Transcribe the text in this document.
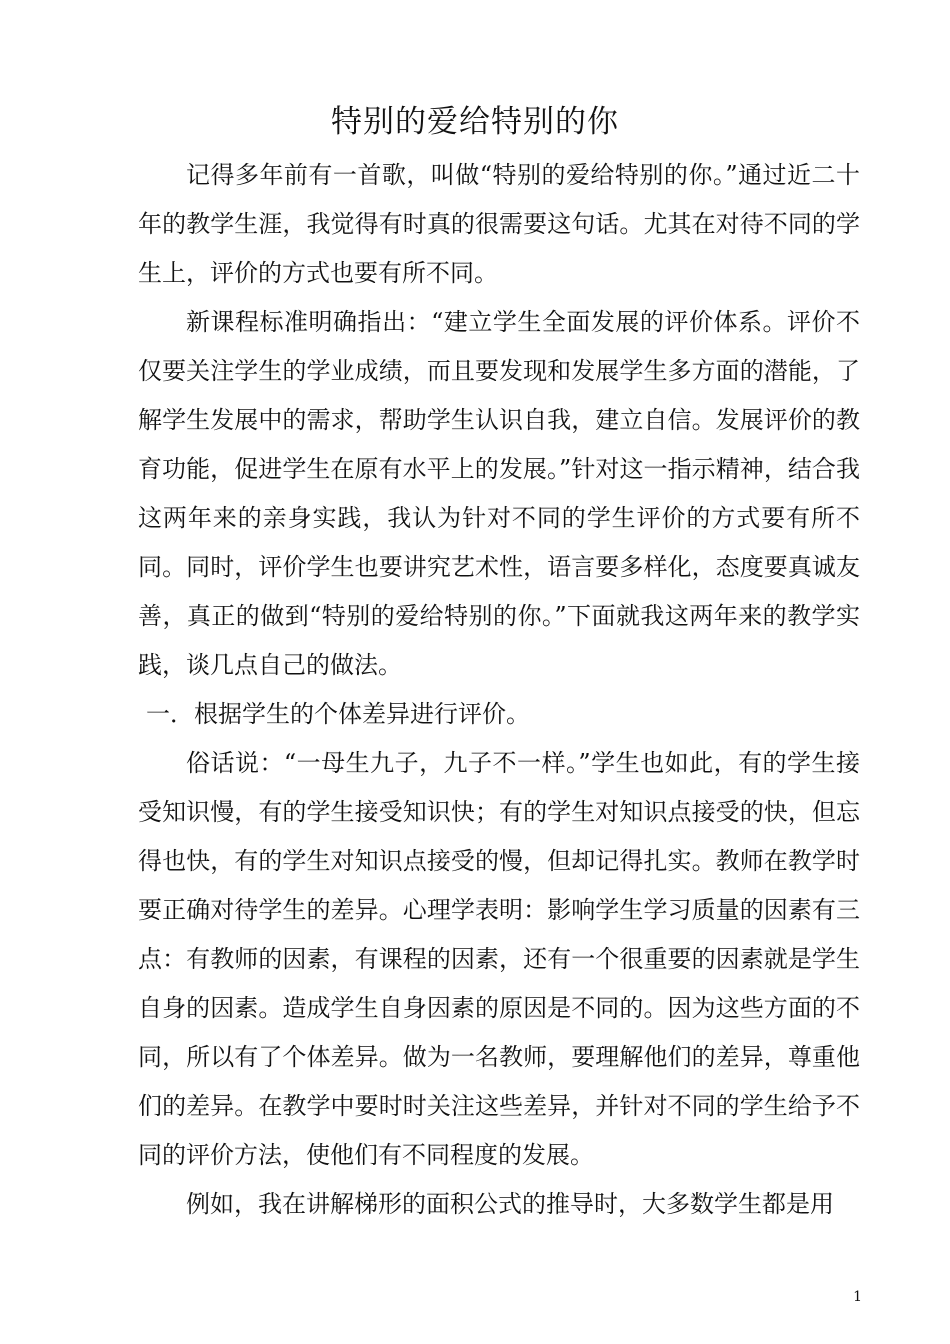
特别的爱给特别的你

记得多年前有一首歌，叫做“特别的爱给特别的你。”通过近二十年的教学生涯，我觉得有时真的很需要这句话。尤其在对待不同的学生上，评价的方式也要有所不同。

新课程标准明确指出：“建立学生全面发展的评价体系。评价不仅要关注学生的学业成绩，而且要发现和发展学生多方面的潜能，了解学生发展中的需求，帮助学生认识自我，建立自信。发展评价的教育功能，促进学生在原有水平上的发展。”针对这一指示精神，结合我这两年来的亲身实践，我认为针对不同的学生评价的方式要有所不同。同时，评价学生也要讲究艺术性，语言要多样化，态度要真诚友善，真正的做到“特别的爱给特别的你。”下面就我这两年来的教学实践，谈几点自己的做法。

一．根据学生的个体差异进行评价。

俗话说：“一母生九子，九子不一样。”学生也如此，有的学生接受知识慢，有的学生接受知识快；有的学生对知识点接受的快，但忘得也快，有的学生对知识点接受的慢，但却记得扎实。教师在教学时要正确对待学生的差异。心理学表明：影响学生学习质量的因素有三点：有教师的因素，有课程的因素，还有一个很重要的因素就是学生自身的因素。造成学生自身因素的原因是不同的。因为这些方面的不同，所以有了个体差异。做为一名教师，要理解他们的差异，尊重他们的差异。在教学中要时时关注这些差异，并针对不同的学生给予不同的评价方法，使他们有不同程度的发展。

例如，我在讲解梯形的面积公式的推导时，大多数学生都是用

1
